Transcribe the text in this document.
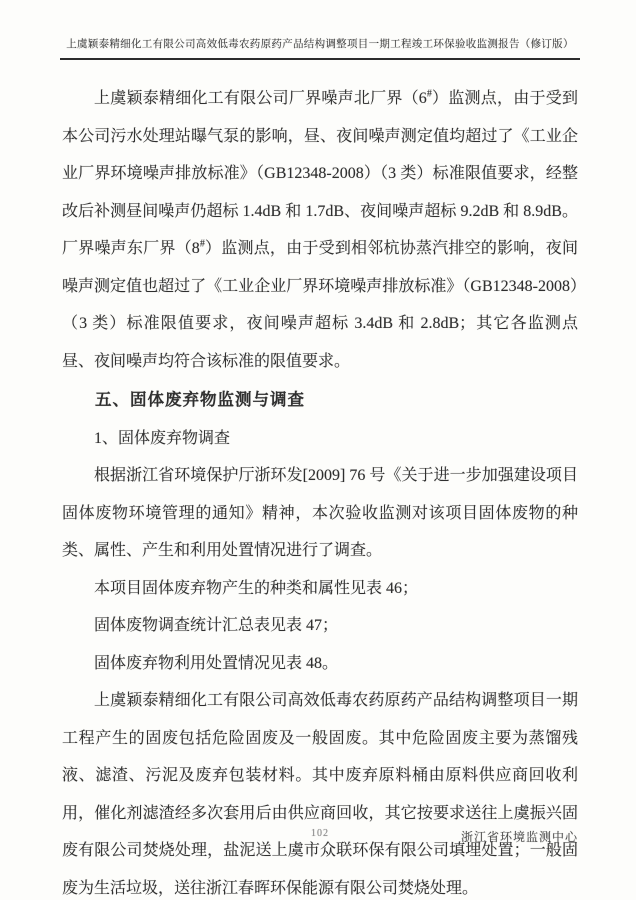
上虞颖泰精细化工有限公司高效低毒农药原药产品结构调整项目一期工程竣工环保验收监测报告（修订版）

上虞颖泰精细化工有限公司厂界噪声北厂界（6#）监测点，由于受到本公司污水处理站曝气泵的影响，昼、夜间噪声测定值均超过了《工业企业厂界环境噪声排放标准》（GB12348-2008）（3 类）标准限值要求，经整改后补测昼间噪声仍超标 1.4dB 和 1.7dB、夜间噪声超标 9.2dB 和 8.9dB。厂界噪声东厂界（8#）监测点，由于受到相邻杭协蒸汽排空的影响，夜间噪声测定值也超过了《工业企业厂界环境噪声排放标准》（GB12348-2008）（3 类）标准限值要求，夜间噪声超标 3.4dB 和 2.8dB；其它各监测点昼、夜间噪声均符合该标准的限值要求。

五、固体废弃物监测与调查

1、固体废弃物调查

根据浙江省环境保护厅浙环发[2009] 76 号《关于进一步加强建设项目固体废物环境管理的通知》精神，本次验收监测对该项目固体废物的种类、属性、产生和利用处置情况进行了调查。

本项目固体废弃物产生的种类和属性见表 46；

固体废物调查统计汇总表见表 47；

固体废弃物利用处置情况见表 48。

上虞颖泰精细化工有限公司高效低毒农药原药产品结构调整项目一期工程产生的固废包括危险固废及一般固废。其中危险固废主要为蒸馏残液、滤渣、污泥及废弃包装材料。其中废弃原料桶由原料供应商回收利用，催化剂滤渣经多次套用后由供应商回收，其它按要求送往上虞振兴固废有限公司焚烧处理，盐泥送上虞市众联环保有限公司填埋处置；一般固废为生活垃圾，送往浙江春晖环保能源有限公司焚烧处理。

102	浙江省环境监测中心
